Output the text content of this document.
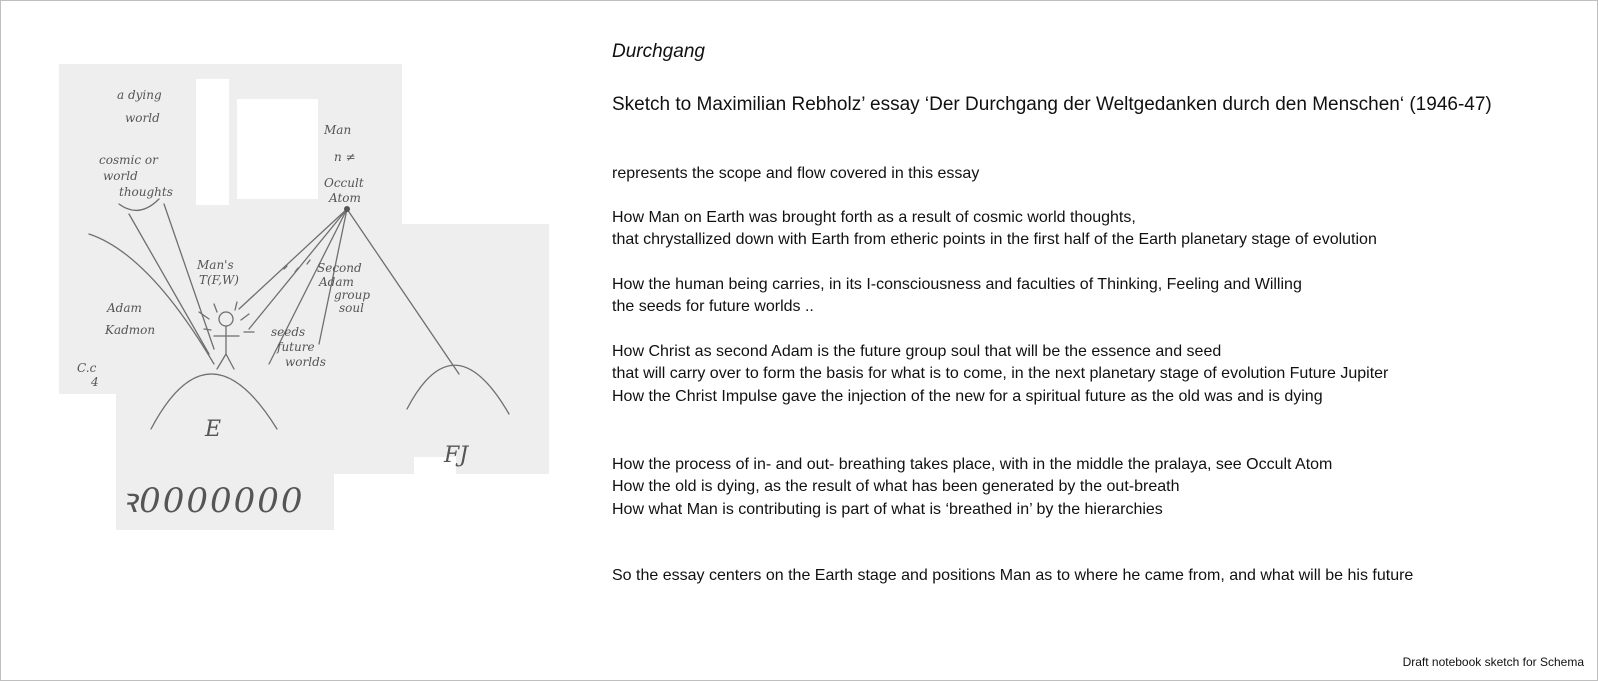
a dying
world
cosmic or
world
thoughts
Man
n ≠
Occult
Atom
Man's
T(F,W)
Second
Adam
group
soul
Adam
Kadmon	seeds
future
worlds
C.c
4
E
FJ
ꝛ0000000
Durchgang
Sketch to Maximilian Rebholz’ essay ‘Der Durchgang der Weltgedanken durch den Menschen‘ (1946-47)

represents the scope and flow covered in this essay

How Man on Earth was brought forth as a result of cosmic world thoughts,
that chrystallized down with Earth from etheric points in the first half of the Earth planetary stage of evolution

How the human being carries, in its I-consciousness and faculties of Thinking, Feeling and Willing
the seeds for future worlds ..

How Christ as second Adam is the future group soul that will be the essence and seed
that will carry over to form the basis for what is to come, in the next planetary stage of evolution Future Jupiter
How the Christ Impulse gave the injection of the new for a spiritual future as the old was and is dying

How the process of in- and out- breathing takes place, with in the middle the pralaya, see Occult Atom
How the old is dying, as the result of what has been generated by the out-breath
How what Man is contributing is part of what is ‘breathed in’ by the hierarchies

So the essay centers on the Earth stage and positions Man as to where he came from, and what will be his future

Draft notebook sketch for Schema
